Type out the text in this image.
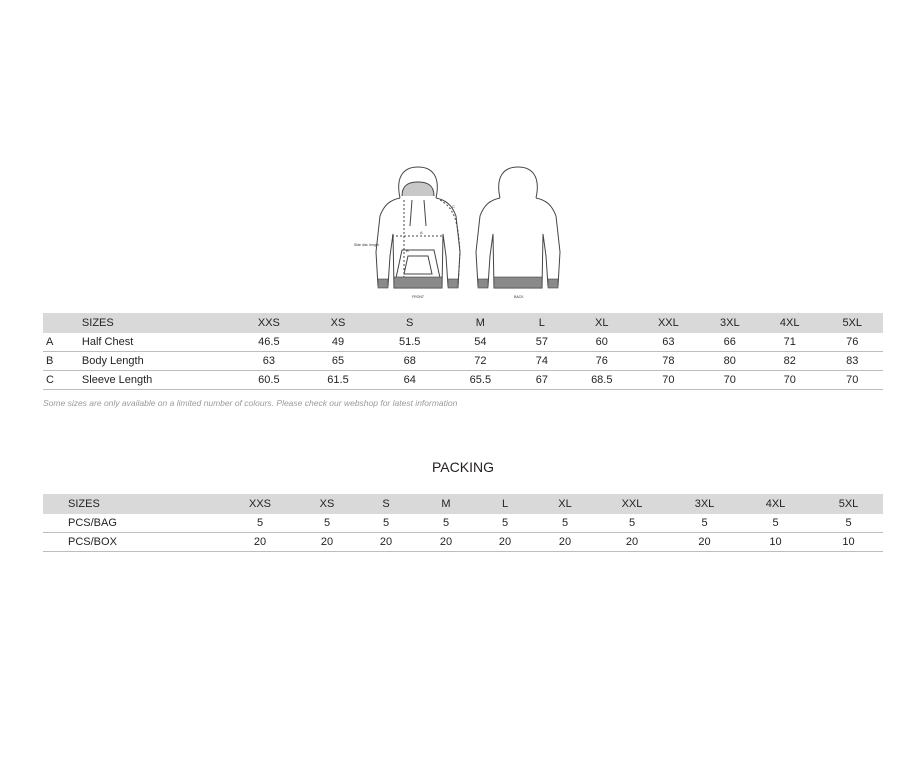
Side dist. length
A
B
C
FRONT	BACK
	SIZES	XXS	XS	S	M	L	XL	XXL	3XL	4XL	5XL
A	Half Chest	46.5	49	51.5	54	57	60	63	66	71	76
B	Body Length	63	65	68	72	74	76	78	80	82	83
C	Sleeve Length	60.5	61.5	64	65.5	67	68.5	70	70	70	70
Some sizes are only available on a limited number of colours. Please check our webshop for latest information
PACKING
	SIZES	XXS	XS	S	M	L	XL	XXL	3XL	4XL	5XL
	PCS/BAG	5	5	5	5	5	5	5	5	5	5
	PCS/BOX	20	20	20	20	20	20	20	20	10	10
